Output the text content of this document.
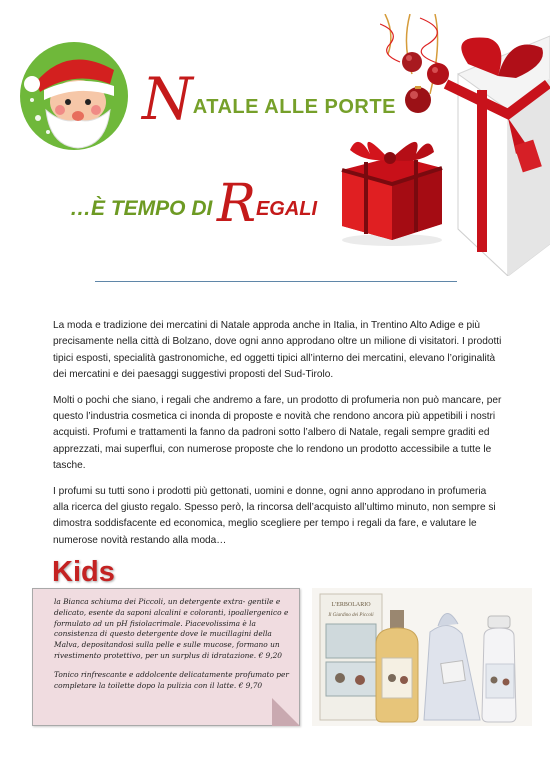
NATALE ALLE PORTE
…È TEMPO DI REGALI

La moda e tradizione dei mercatini di Natale approda anche in Italia, in Trentino Alto Adige e più precisamente nella città di Bolzano, dove ogni anno approdano oltre un milione di visitatori. I prodotti tipici esposti, specialità gastronomiche, ed oggetti tipici all’interno dei mercatini, elevano l’originalità dei mercatini e dei paesaggi suggestivi proposti del Sud-Tirolo.

Molti o pochi che siano, i regali che andremo a fare, un prodotto di profumeria non può mancare, per questo l’industria cosmetica ci inonda di proposte e novità che rendono ancora più appetibili i nostri acquisti. Profumi e trattamenti la fanno da padroni sotto l’albero di Natale, regali sempre graditi ed apprezzati, mai superflui, con numerose proposte che lo rendono un prodotto accessibile a tutte le tasche.

I profumi su tutti sono i prodotti più gettonati, uomini e donne, ogni anno approdano in profumeria alla ricerca del giusto regalo. Spesso però, la rincorsa dell’acquisto all’ultimo minuto, non sempre si dimostra soddisfacente ed economica, meglio scegliere per tempo i regali da fare, e valutare le numerose novità restando alla moda…

Kids

la Bianca schiuma dei Piccoli, un detergente extra- gentile e delicato, esente da saponi alcalini e coloranti, ipoallergenico e formulato ad un pH fisiolacrimale. Piacevolissima è la consistenza di questo detergente dove le mucillagini della Malva, depositandosi sulla pelle e sulle mucose, formano un rivestimento protettivo, per un surplus di idratazione. € 9,20

Tonico rinfrescante e addolcente delicatamente profumato per completare la toilette dopo la pulizia con il latte. € 9,70

L'ERBOLARIO
Il Giardino dei Piccoli
